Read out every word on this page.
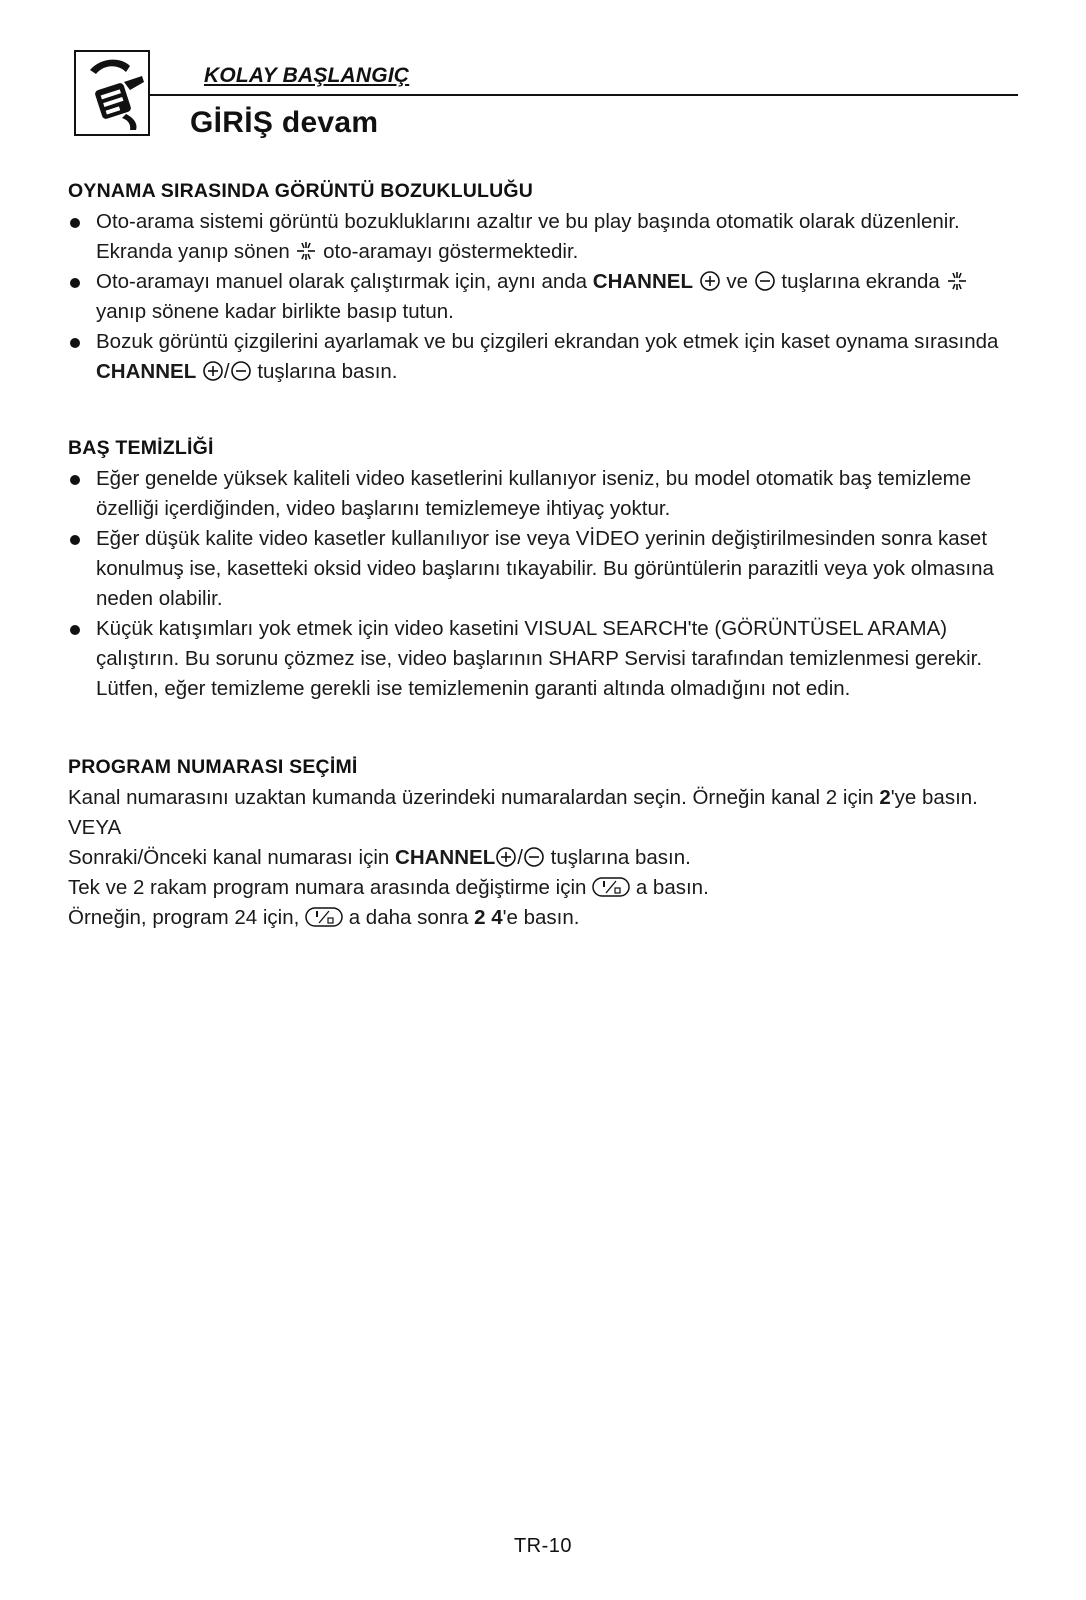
KOLAY BAŞLANGIÇ
GİRİŞ devam
OYNAMA SIRASINDA GÖRÜNTÜ BOZUKLULUĞU
Oto-arama sistemi görüntü bozukluklarını azaltır ve bu play başında otomatik olarak düzenlenir. Ekranda yanıp sönen  oto-aramayı göstermektedir.
Oto-aramayı manuel olarak çalıştırmak için, aynı anda CHANNEL  ve  tuşlarına ekranda  yanıp sönene kadar birlikte basıp tutun.
Bozuk görüntü çizgilerini ayarlamak ve bu çizgileri ekrandan yok etmek için kaset oynama sırasında CHANNEL / tuşlarına basın.
BAŞ TEMİZLİĞİ
Eğer genelde yüksek kaliteli video kasetlerini kullanıyor iseniz, bu model otomatik baş temizleme özelliği içerdiğinden, video başlarını temizlemeye ihtiyaç yoktur.
Eğer düşük kalite video kasetler kullanılıyor ise veya VİDEO yerinin değiştirilmesinden sonra kaset konulmuş ise, kasetteki oksid video başlarını tıkayabilir. Bu görüntülerin parazitli veya yok olmasına neden olabilir.
Küçük katışımları yok etmek için video kasetini VISUAL SEARCH'te (GÖRÜNTÜSEL ARAMA) çalıştırın. Bu sorunu çözmez ise, video başlarının SHARP Servisi tarafından temizlenmesi gerekir. Lütfen, eğer temizleme gerekli ise temizlemenin garanti altında olmadığını not edin.
PROGRAM NUMARASI SEÇİMİ

Kanal numarasını uzaktan kumanda üzerindeki numaralardan seçin. Örneğin kanal 2 için 2'ye basın.

VEYA

Sonraki/Önceki kanal numarası için CHANNEL / tuşlarına basın.

Tek ve 2 rakam program numara arasında değiştirme için  a basın.

Örneğin, program 24 için,  a daha sonra 2 4'e basın.

TR-10
